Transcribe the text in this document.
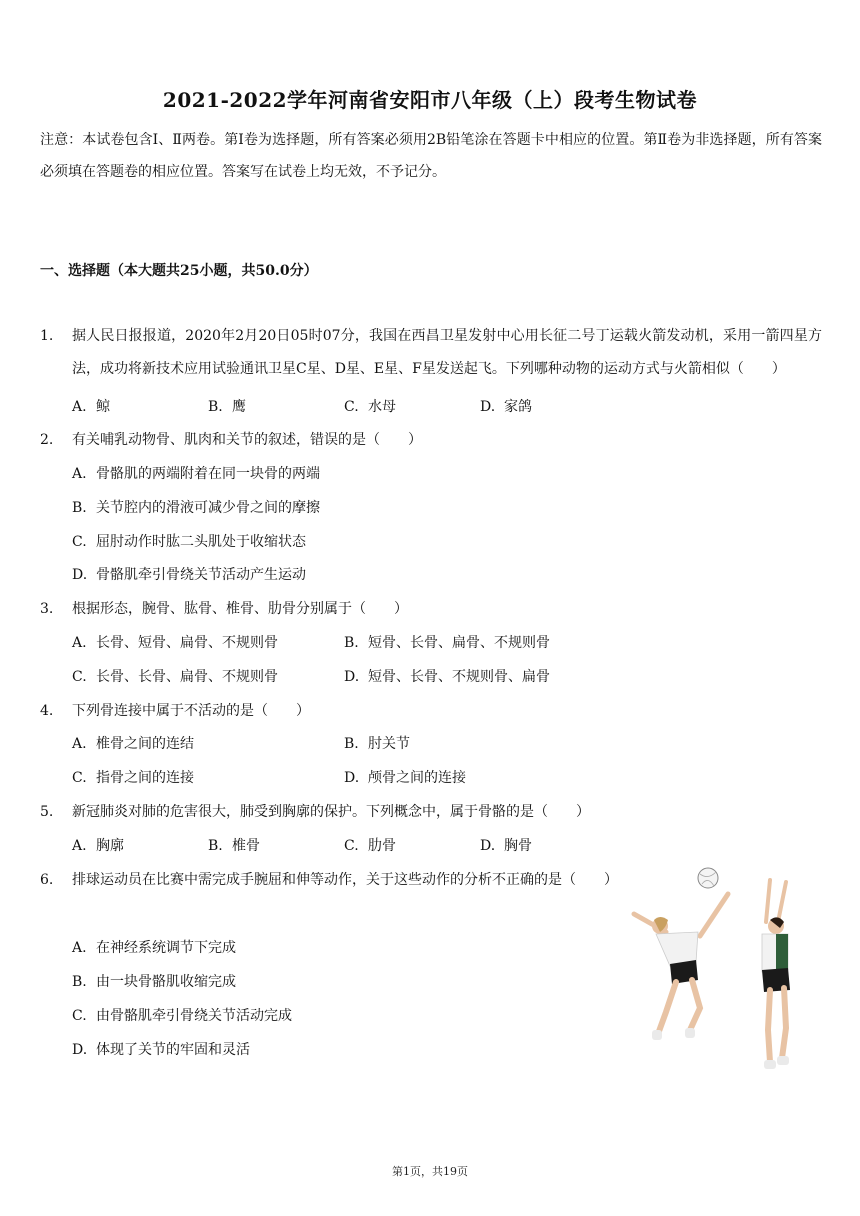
2021-2022学年河南省安阳市八年级（上）段考生物试卷
注意：本试卷包含Ⅰ、Ⅱ两卷。第Ⅰ卷为选择题，所有答案必须用2B铅笔涂在答题卡中相应的位置。第Ⅱ卷为非选择题，所有答案必须填在答题卷的相应位置。答案写在试卷上均无效，不予记分。
一、选择题（本大题共25小题，共50.0分）
1. 据人民日报报道，2020年2月20日05时07分，我国在西昌卫星发射中心用长征二号丁运载火箭发动机，采用一箭四星方法，成功将新技术应用试验通讯卫星C星、D星、E星、F星发送起飞。下列哪种动物的运动方式与火箭相似（　　）
A. 鲸	B. 鹰	C. 水母	D. 家鸽
2. 有关哺乳动物骨、肌肉和关节的叙述，错误的是（　　）
A. 骨骼肌的两端附着在同一块骨的两端
B. 关节腔内的滑液可减少骨之间的摩擦
C. 屈肘动作时肱二头肌处于收缩状态
D. 骨骼肌牵引骨绕关节活动产生运动
3. 根据形态，腕骨、肱骨、椎骨、肋骨分别属于（　　）
A. 长骨、短骨、扁骨、不规则骨	B. 短骨、长骨、扁骨、不规则骨
C. 长骨、长骨、扁骨、不规则骨	D. 短骨、长骨、不规则骨、扁骨
4. 下列骨连接中属于不活动的是（　　）
A. 椎骨之间的连结	B. 肘关节
C. 指骨之间的连接	D. 颅骨之间的连接
5. 新冠肺炎对肺的危害很大，肺受到胸廓的保护。下列概念中，属于骨骼的是（　　）
A. 胸廓	B. 椎骨	C. 肋骨	D. 胸骨
6. 排球运动员在比赛中需完成手腕屈和伸等动作，关于这些动作的分析不正确的是（　　）
A. 在神经系统调节下完成
B. 由一块骨骼肌收缩完成
C. 由骨骼肌牵引骨绕关节活动完成
D. 体现了关节的牢固和灵活
第1页，共19页
